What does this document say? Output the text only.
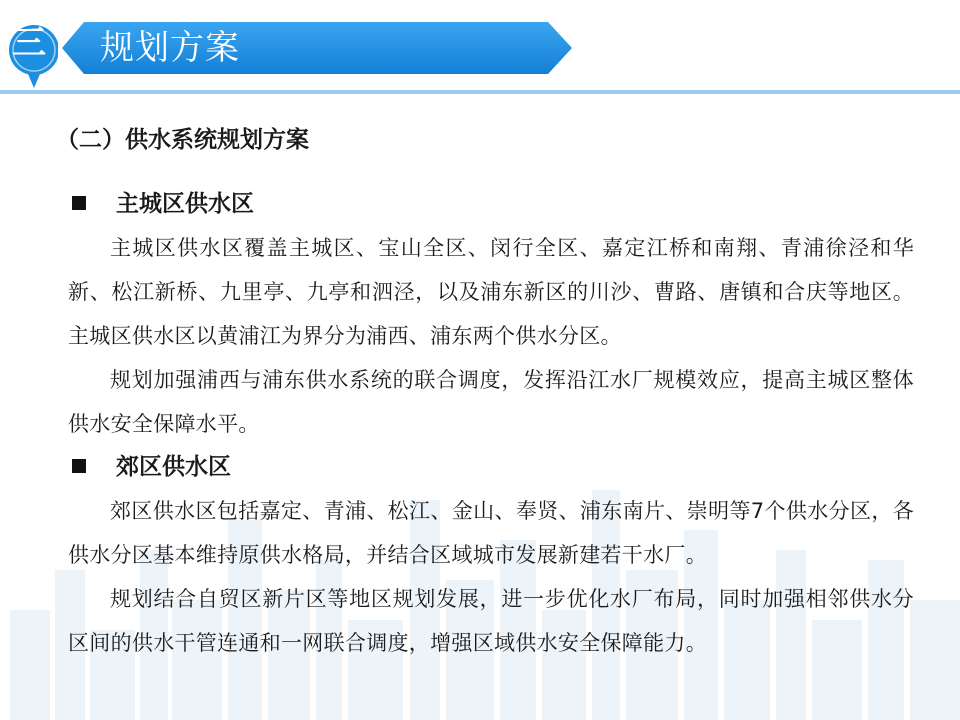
三 规划方案
（二）供水系统规划方案
主城区供水区
主城区供水区覆盖主城区、宝山全区、闵行全区、嘉定江桥和南翔、青浦徐泾和华新、松江新桥、九里亭、九亭和泗泾，以及浦东新区的川沙、曹路、唐镇和合庆等地区。主城区供水区以黄浦江为界分为浦西、浦东两个供水分区。
规划加强浦西与浦东供水系统的联合调度，发挥沿江水厂规模效应，提高主城区整体供水安全保障水平。
郊区供水区
郊区供水区包括嘉定、青浦、松江、金山、奉贤、浦东南片、崇明等7个供水分区，各供水分区基本维持原供水格局，并结合区域城市发展新建若干水厂。
规划结合自贸区新片区等地区规划发展，进一步优化水厂布局，同时加强相邻供水分区间的供水干管连通和一网联合调度，增强区域供水安全保障能力。
